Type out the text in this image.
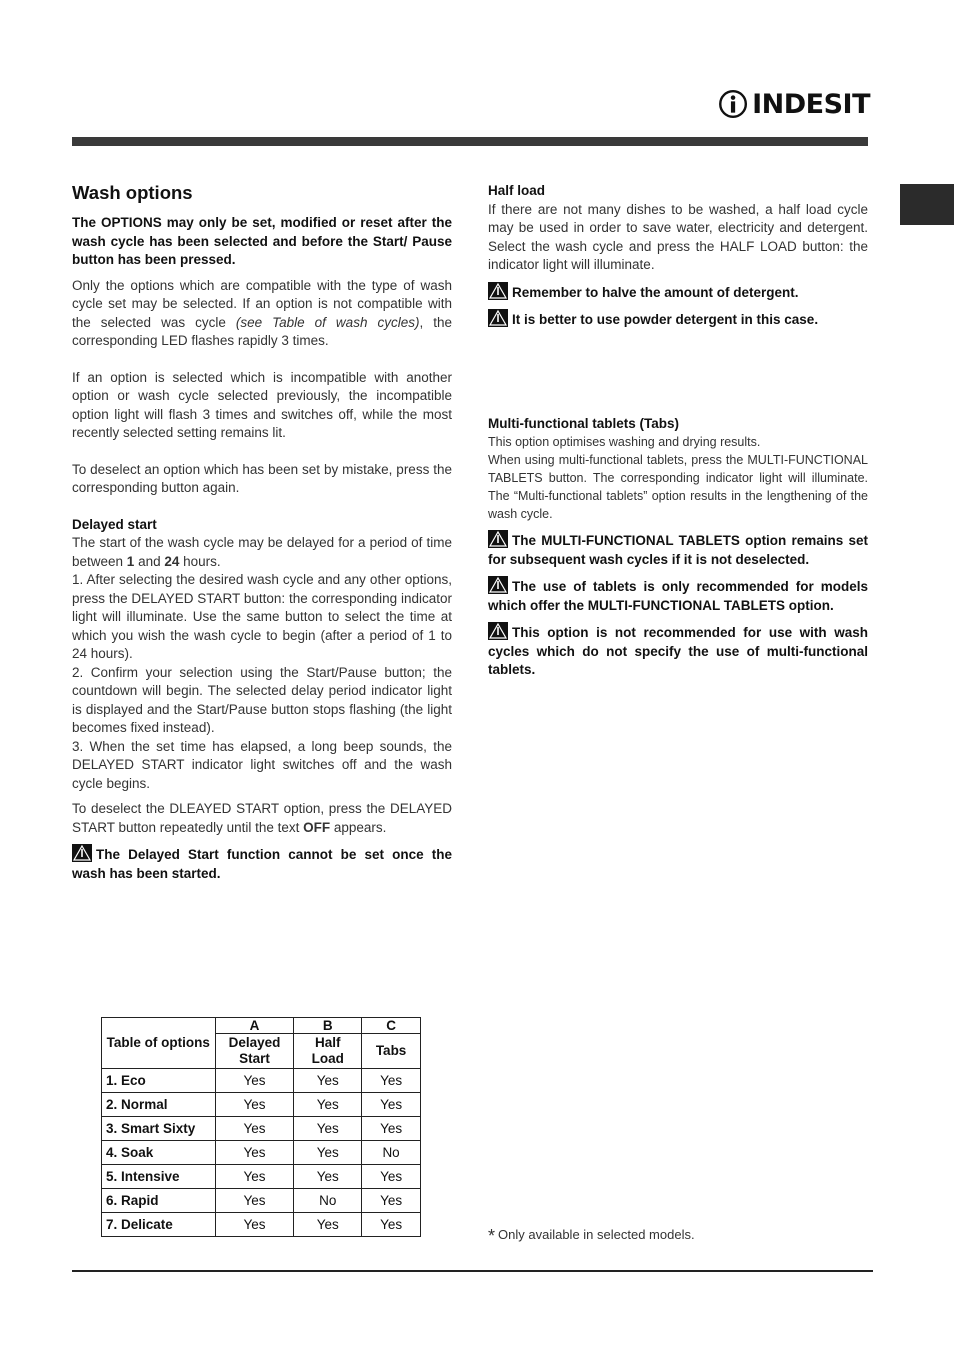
INDESIT
Wash options

The OPTIONS may only be set, modified or reset after the wash cycle has been selected and before the Start/ Pause button has been pressed.

Only the options which are compatible with the type of wash cycle set may be selected. If an option is not compatible with the selected was cycle (see Table of wash cycles), the corresponding LED flashes rapidly 3 times.

If an option is selected which is incompatible with another option or wash cycle selected previously, the incompatible option light will flash 3 times and switches off, while the most recently selected setting remains lit.

To deselect an option which has been set by mistake, press the corresponding button again.

Delayed start

The start of the wash cycle may be delayed for a period of time between 1 and 24 hours.

1. After selecting the desired wash cycle and any other options, press the DELAYED START button: the corresponding indicator light will illuminate. Use the same button to select the time at which you wish the wash cycle to begin (after a period of 1 to 24 hours).

2. Confirm your selection using the Start/Pause button; the countdown will begin. The selected delay period indicator light is displayed and the Start/Pause button stops flashing (the light becomes fixed instead).

3. When the set time has elapsed, a long beep sounds, the DELAYED START indicator light switches off and the wash cycle begins.

To deselect the DLEAYED START option, press the DELAYED START button repeatedly until the text OFF appears.

The Delayed Start function cannot be set once the wash has been started.

Half load

If there are not many dishes to be washed, a half load cycle may be used in order to save water, electricity and detergent. Select the wash cycle and press the HALF LOAD button: the indicator light will illuminate.

Remember to halve the amount of detergent.

It is better to use powder detergent in this case.

Multi-functional tablets (Tabs)

This option optimises washing and drying results.

When using multi-functional tablets, press the MULTI-FUNCTIONAL TABLETS button. The corresponding indicator light will illuminate. The “Multi-functional tablets” option results in the lengthening of the wash cycle.

The MULTI-FUNCTIONAL TABLETS option remains set for subsequent wash cycles if it is not deselected.

The use of tablets is only recommended for models which offer the MULTI-FUNCTIONAL TABLETS option.

This option is not recommended for use with wash cycles which do not specify the use of multi-functional tablets.

Table of options	A	B	C
	Delayed Start	Half Load	Tabs
1. Eco	Yes	Yes	Yes
2. Normal	Yes	Yes	Yes
3. Smart Sixty	Yes	Yes	Yes
4. Soak	Yes	Yes	No
5. Intensive	Yes	Yes	Yes
6. Rapid	Yes	No	Yes
7. Delicate	Yes	Yes	Yes
* Only available in selected models.
